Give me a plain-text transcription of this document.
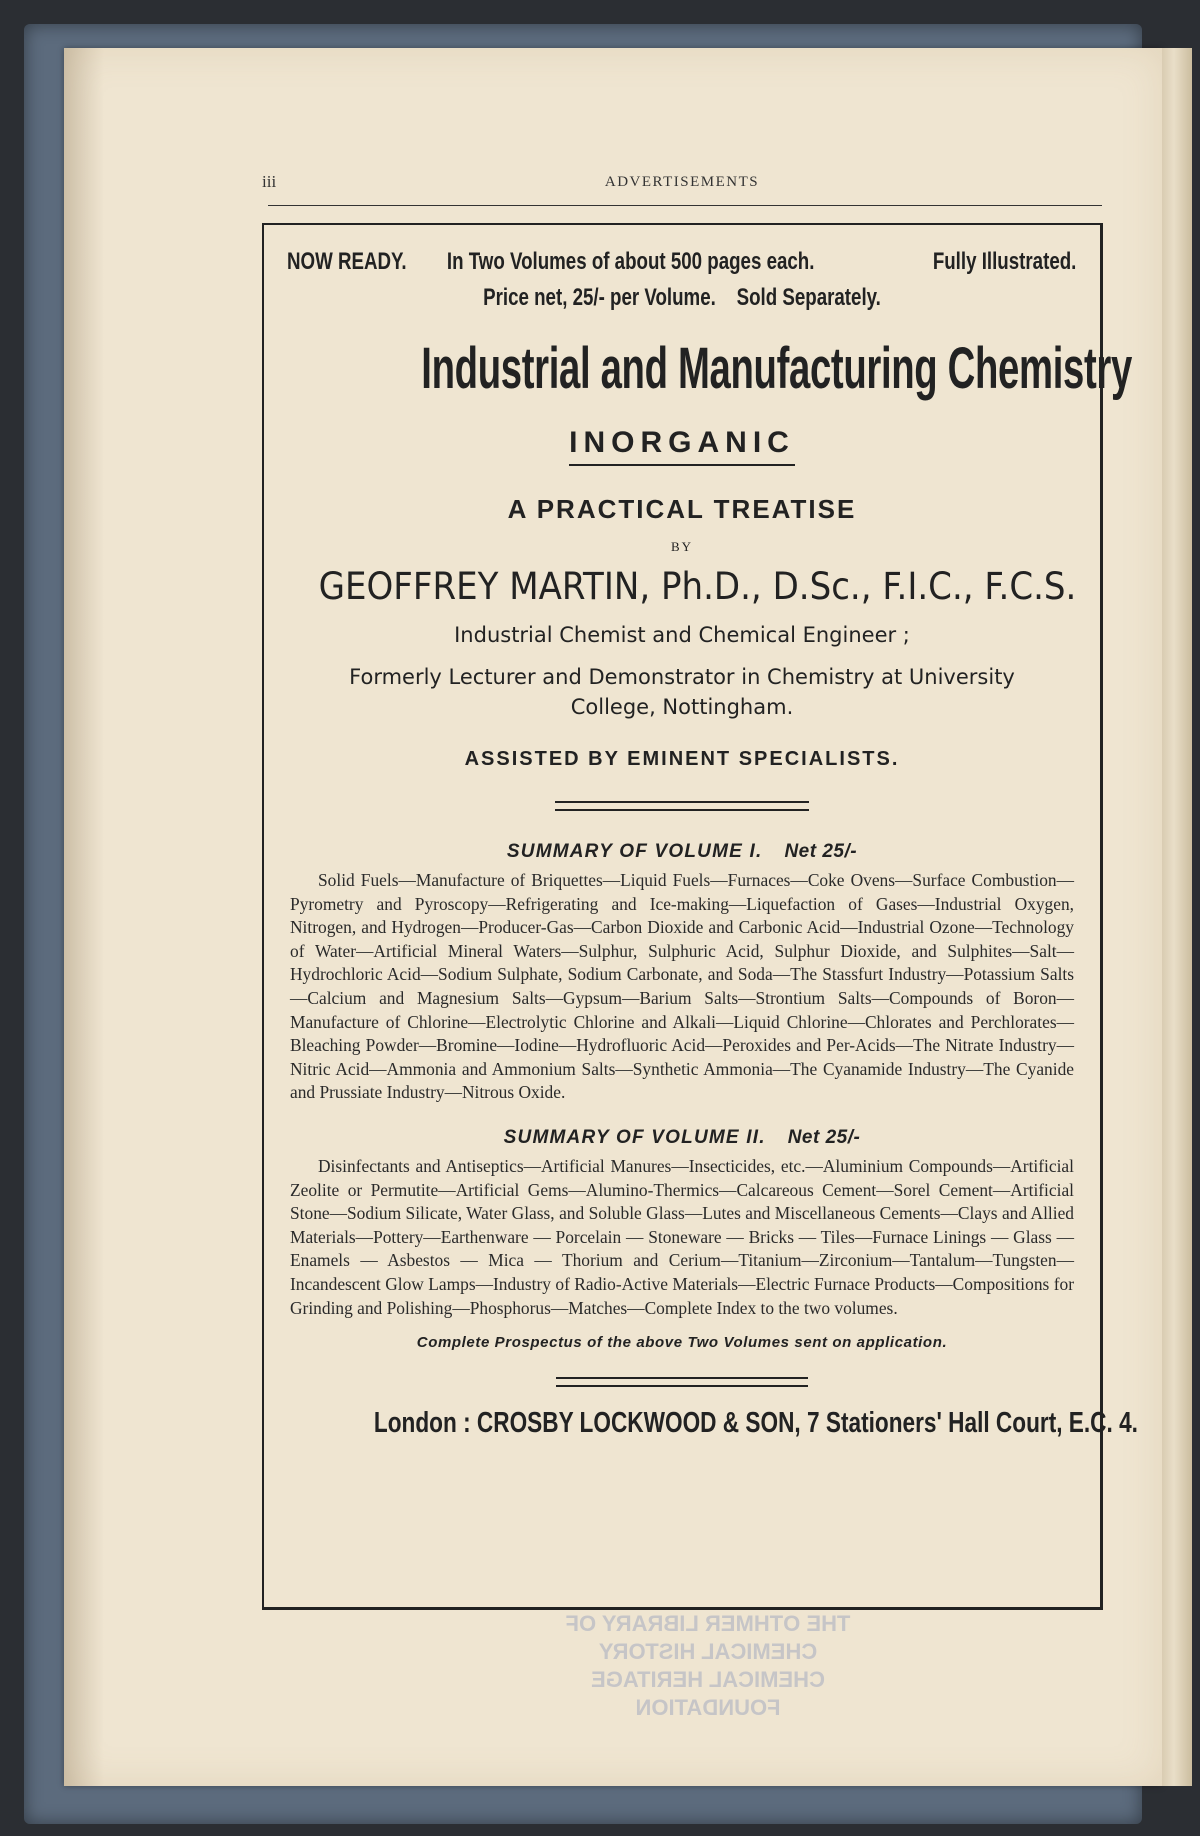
iii	ADVERTISEMENTS
NOW READY. In Two Volumes of about 500 pages each.	Fully Illustrated.
Price net, 25/- per Volume.    Sold Separately.
Industrial and Manufacturing Chemistry
INORGANIC
A PRACTICAL TREATISE
BY
GEOFFREY MARTIN, Ph.D., D.Sc., F.I.C., F.C.S.
Industrial Chemist and Chemical Engineer ;
Formerly Lecturer and Demonstrator in Chemistry at University College, Nottingham.
ASSISTED BY EMINENT SPECIALISTS.
SUMMARY OF VOLUME I. Net 25/-
Solid Fuels—Manufacture of Briquettes—Liquid Fuels—Furnaces—Coke Ovens—Surface Combustion—Pyrometry and Pyroscopy—Refrigerating and Ice-making—Liquefaction of Gases—Industrial Oxygen, Nitrogen, and Hydrogen—Producer-Gas—Carbon Dioxide and Carbonic Acid—Industrial Ozone—Technology of Water—Artificial Mineral Waters—Sulphur, Sulphuric Acid, Sulphur Dioxide, and Sulphites—Salt—Hydrochloric Acid—Sodium Sulphate, Sodium Carbonate, and Soda—The Stassfurt Industry—Potassium Salts—Calcium and Magnesium Salts—Gypsum—Barium Salts—Strontium Salts—Compounds of Boron—Manufacture of Chlorine—Electrolytic Chlorine and Alkali—Liquid Chlorine—Chlorates and Perchlorates—Bleaching Powder—Bromine—Iodine—Hydrofluoric Acid—Peroxides and Per-Acids—The Nitrate Industry—Nitric Acid—Ammonia and Ammonium Salts—Synthetic Ammonia—The Cyanamide Industry—The Cyanide and Prussiate Industry—Nitrous Oxide.
SUMMARY OF VOLUME II. Net 25/-
Disinfectants and Antiseptics—Artificial Manures—Insecticides, etc.—Aluminium Compounds—Artificial Zeolite or Permutite—Artificial Gems—Alumino-Thermics—Calcareous Cement—Sorel Cement—Artificial Stone—Sodium Silicate, Water Glass, and Soluble Glass—Lutes and Miscellaneous Cements—Clays and Allied Materials—Pottery—Earthenware — Porcelain — Stoneware — Bricks — Tiles—Furnace Linings — Glass — Enamels — Asbestos — Mica — Thorium and Cerium—Titanium—Zirconium—Tantalum—Tungsten—Incandescent Glow Lamps—Industry of Radio-Active Materials—Electric Furnace Products—Compositions for Grinding and Polishing—Phosphorus—Matches—Complete Index to the two volumes.
Complete Prospectus of the above Two Volumes sent on application.
London : CROSBY LOCKWOOD & SON, 7 Stationers' Hall Court, E.C. 4.
THE OTHMER LIBRARY OF
CHEMICAL HISTORY
CHEMICAL HERITAGE FOUNDATION
